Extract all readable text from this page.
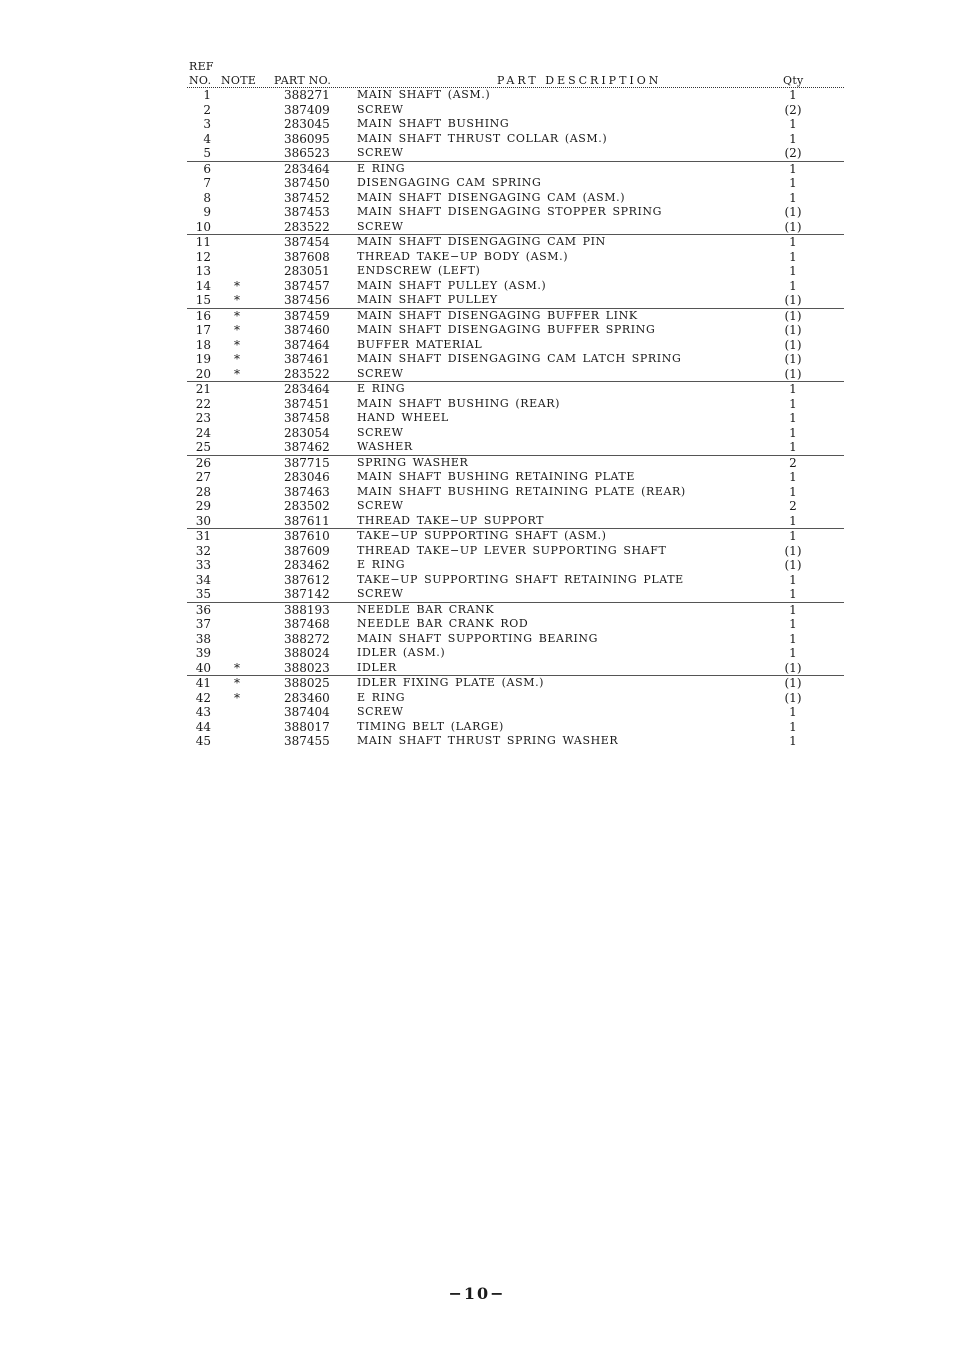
REF
NO. NOTE PART NO.	PART DESCRIPTION	Qty
1	388271 MAIN SHAFT (ASM.)	1
2	387409 SCREW	(2)
3	283045 MAIN SHAFT BUSHING	1
4	386095 MAIN SHAFT THRUST COLLAR (ASM.)	1
5	386523 SCREW	(2)
6	283464 E RING	1
7	387450 DISENGAGING CAM SPRING	1
8	387452 MAIN SHAFT DISENGAGING CAM (ASM.)	1
9	387453 MAIN SHAFT DISENGAGING STOPPER SPRING	(1)
10	283522 SCREW	(1)
11	387454 MAIN SHAFT DISENGAGING CAM PIN	1
12	387608 THREAD TAKE−UP BODY (ASM.)	1
13	283051 ENDSCREW (LEFT)	1
14 *	387457 MAIN SHAFT PULLEY (ASM.)	1
15 *	387456 MAIN SHAFT PULLEY	(1)
16 *	387459 MAIN SHAFT DISENGAGING BUFFER LINK	(1)
17 *	387460 MAIN SHAFT DISENGAGING BUFFER SPRING	(1)
18 *	387464 BUFFER MATERIAL	(1)
19 *	387461 MAIN SHAFT DISENGAGING CAM LATCH SPRING	(1)
20 *	283522 SCREW	(1)
21	283464 E RING	1
22	387451 MAIN SHAFT BUSHING (REAR)	1
23	387458 HAND WHEEL	1
24	283054 SCREW	1
25	387462 WASHER	1
26	387715 SPRING WASHER	2
27	283046 MAIN SHAFT BUSHING RETAINING PLATE	1
28	387463 MAIN SHAFT BUSHING RETAINING PLATE (REAR)	1
29	283502 SCREW	2
30	387611 THREAD TAKE−UP SUPPORT	1
31	387610 TAKE−UP SUPPORTING SHAFT (ASM.)	1
32	387609 THREAD TAKE−UP LEVER SUPPORTING SHAFT	(1)
33	283462 E RING	(1)
34	387612 TAKE−UP SUPPORTING SHAFT RETAINING PLATE	1
35	387142 SCREW	1
36	388193 NEEDLE BAR CRANK	1
37	387468 NEEDLE BAR CRANK ROD	1
38	388272 MAIN SHAFT SUPPORTING BEARING	1
39	388024 IDLER (ASM.)	1
40 *	388023 IDLER	(1)
41 *	388025 IDLER FIXING PLATE (ASM.)	(1)
42 *	283460 E RING	(1)
43	387404 SCREW	1
44	388017 TIMING BELT (LARGE)	1
45	387455 MAIN SHAFT THRUST SPRING WASHER	1
−10−
